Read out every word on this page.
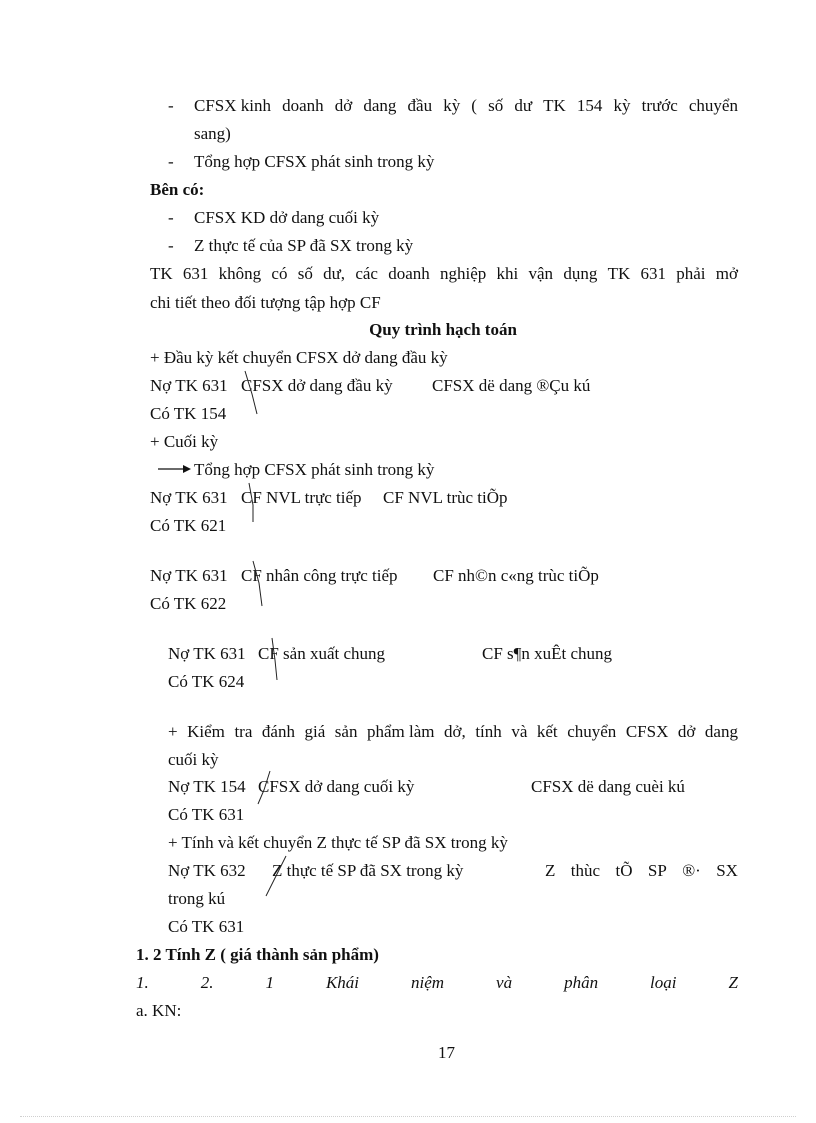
- CFSX kinh doanh dở dang đầu kỳ ( số dư TK 154 kỳ trước chuyển
sang)
- Tổng hợp CFSX phát sinh trong kỳ
Bên có:
- CFSX KD dở dang cuối kỳ
- Z thực tế của SP đã SX trong kỳ
TK 631 không có số dư, các doanh nghiệp khi vận dụng TK 631 phải mở
chi tiết theo đối tượng tập hợp CF
Quy trình hạch toán
+ Đầu kỳ kết chuyển CFSX dở dang đầu kỳ
Nợ TK 631 CFSX dở dang đầu kỳ CFSX dë dang ®Çu kú
Có TK 154
+ Cuối kỳ
Tổng hợp CFSX phát sinh trong kỳ
Nợ TK 631 CF NVL trực tiếp CF NVL trùc tiÕp
Có TK 621
Nợ TK 631 CF nhân công trực tiếp CF nh©n c«ng trùc tiÕp
Có TK 622
Nợ TK 631 CF sản xuất chung	CF s¶n xuÊt chung
Có TK 624
+ Kiểm tra đánh giá sản phẩm làm dở, tính và kết chuyển CFSX dở dang
cuối kỳ
Nợ TK 154 CFSX dở dang cuối kỳ	CFSX dë dang cuèi kú
Có TK 631
+ Tính và kết chuyển Z thực tế SP đã SX trong kỳ
Nợ TK 632 Z thực tế SP đã SX trong kỳ	Z thùc tÕ SP ®· SX
trong kú
Có TK 631
1. 2 Tính Z ( giá thành sản phẩm)
1.	2.	1	Khái	niệm	và	phân	loại	Z
a. KN:
17
